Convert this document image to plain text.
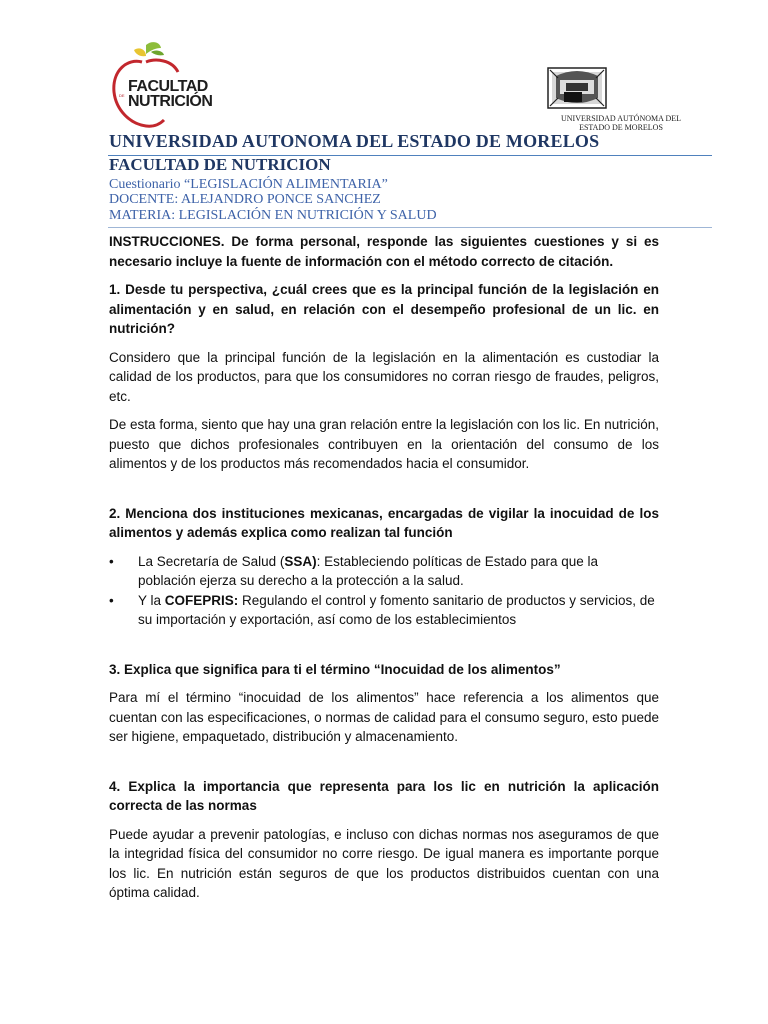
DE
FACULTAD
NUTRICIÓN
UNIVERSIDAD AUTÓNOMA DEL
ESTADO DE MORELOS
UNIVERSIDAD AUTONOMA DEL ESTADO DE MORELOS
FACULTAD DE NUTRICION
Cuestionario “LEGISLACIÓN ALIMENTARIA”
DOCENTE: ALEJANDRO PONCE SANCHEZ
MATERIA: LEGISLACIÓN EN NUTRICIÓN Y SALUD

INSTRUCCIONES. De forma personal, responde las siguientes cuestiones y si es necesario incluye la fuente de información con el método correcto de citación.

1. Desde tu perspectiva, ¿cuál crees que es la principal función de la legislación en alimentación y en salud, en relación con el desempeño profesional de un lic. en nutrición?

Considero que la principal función de la legislación en la alimentación es custodiar la calidad de los productos, para que los consumidores no corran riesgo de fraudes, peligros, etc.

De esta forma, siento que hay una gran relación entre la legislación con los lic. En nutrición, puesto que dichos profesionales contribuyen en la orientación del consumo de los alimentos y de los productos más recomendados hacia el consumidor.

2. Menciona dos instituciones mexicanas, encargadas de vigilar la inocuidad de los alimentos y además explica como realizan tal función

• La Secretaría de Salud (SSA): Estableciendo políticas de Estado para que la población ejerza su derecho a la protección a la salud.
• Y la COFEPRIS: Regulando el control y fomento sanitario de productos y servicios, de su importación y exportación, así como de los establecimientos

3. Explica que significa para ti el término “Inocuidad de los alimentos”

Para mí el término “inocuidad de los alimentos” hace referencia a los alimentos que cuentan con las especificaciones, o normas de calidad para el consumo seguro, esto puede ser higiene, empaquetado, distribución y almacenamiento.

4. Explica la importancia que representa para los lic en nutrición la aplicación correcta de las normas

Puede ayudar a prevenir patologías, e incluso con dichas normas nos aseguramos de que la integridad física del consumidor no corre riesgo. De igual manera es importante porque los lic. En nutrición están seguros de que los productos distribuidos cuentan con una óptima calidad.
